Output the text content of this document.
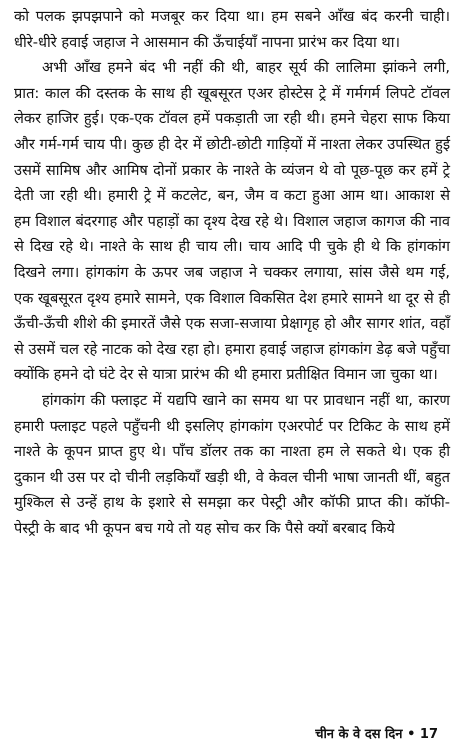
को पलक झपझपाने को मजबूर कर दिया था। हम सबने आँख बंद करनी चाही। धीरे-धीरे हवाई जहाज ने आसमान की ऊँचाईयाँ नापना प्रारंभ कर दिया था।

अभी आँख हमने बंद भी नहीं की थी, बाहर सूर्य की लालिमा झांकने लगी, प्रात: काल की दस्तक के साथ ही खूबसूरत एअर होस्टेस ट्रे में गर्मगर्म लिपटे टॉवल लेकर हाजिर हुई। एक-एक टॉवल हमें पकड़ाती जा रही थी। हमने चेहरा साफ किया और गर्म-गर्म चाय पी। कुछ ही देर में छोटी-छोटी गाड़ियों में नाश्ता लेकर उपस्थित हुई उसमें सामिष और आमिष दोनों प्रकार के नाश्ते के व्यंजन थे वो पूछ-पूछ कर हमें ट्रे देती जा रही थी। हमारी ट्रे में कटलेट, बन, जैम व कटा हुआ आम था। आकाश से हम विशाल बंदरगाह और पहाड़ों का दृश्य देख रहे थे। विशाल जहाज कागज की नाव से दिख रहे थे। नाश्ते के साथ ही चाय ली। चाय आदि पी चुके ही थे कि हांगकांग दिखने लगा। हांगकांग के ऊपर जब जहाज ने चक्कर लगाया, सांस जैसे थम गई, एक खूबसूरत दृश्य हमारे सामने, एक विशाल विकसित देश हमारे सामने था दूर से ही ऊँची-ऊँची शीशे की इमारतें जैसे एक सजा-सजाया प्रेक्षागृह हो और सागर शांत, वहाँ से उसमें चल रहे नाटक को देख रहा हो। हमारा हवाई जहाज हांगकांग डेढ़ बजे पहुँचा क्योंकि हमने दो घंटे देर से यात्रा प्रारंभ की थी हमारा प्रतीक्षित विमान जा चुका था।

हांगकांग की फ्लाइट में यद्यपि खाने का समय था पर प्रावधान नहीं था, कारण हमारी फ्लाइट पहले पहुँचनी थी इसलिए हांगकांग एअरपोर्ट पर टिकिट के साथ हमें नाश्ते के कूपन प्राप्त हुए थे। पाँच डॉलर तक का नाश्ता हम ले सकते थे। एक ही दुकान थी उस पर दो चीनी लड़कियाँ खड़ी थी, वे केवल चीनी भाषा जानती थीं, बहुत मुश्किल से उन्हें हाथ के इशारे से समझा कर पेस्ट्री और कॉफी प्राप्त की। कॉफी-पेस्ट्री के बाद भी कूपन बच गये तो यह सोच कर कि पैसे क्यों बरबाद किये

चीन के वे दस दिन • 17
